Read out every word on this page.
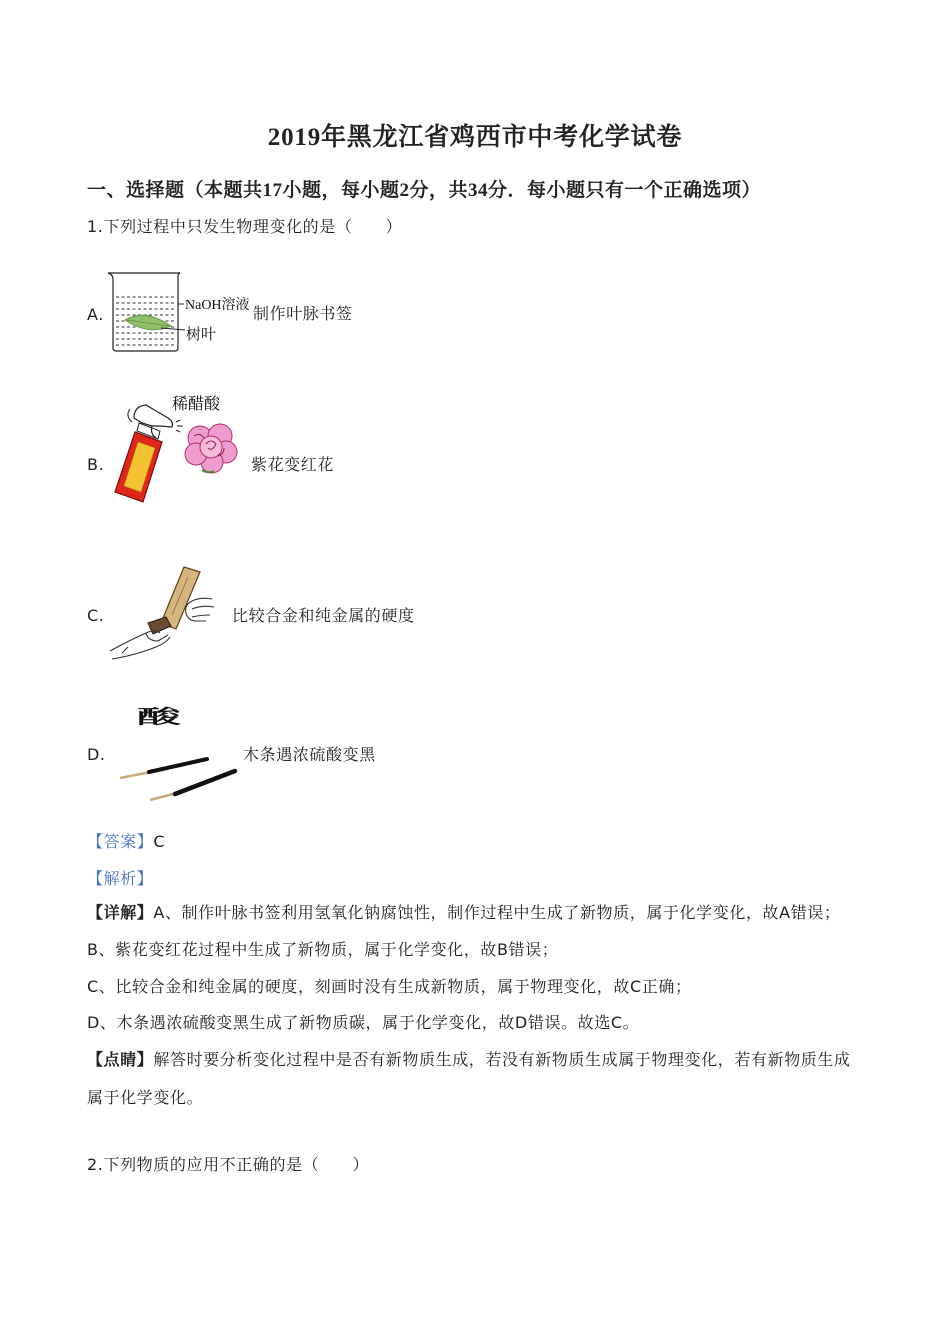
2019年黑龙江省鸡西市中考化学试卷
一、选择题（本题共17小题，每小题2分，共34分．每小题只有一个正确选项）
1.下列过程中只发生物理变化的是（　　）
A.	NaOH溶液
树叶
制作叶脉书签
B.
稀醋酸
紫花变红花
C.	比较合金和纯金属的硬度
酸
D.	木条遇浓硫酸变黑
【答案】C
【解析】
【详解】A、制作叶脉书签利用氢氧化钠腐蚀性，制作过程中生成了新物质，属于化学变化，故A错误；
B、紫花变红花过程中生成了新物质，属于化学变化，故B错误；
C、比较合金和纯金属的硬度，刻画时没有生成新物质，属于物理变化，故C正确；
D、木条遇浓硫酸变黑生成了新物质碳，属于化学变化，故D错误。故选C。
【点睛】解答时要分析变化过程中是否有新物质生成，若没有新物质生成属于物理变化，若有新物质生成
属于化学变化。
2.下列物质的应用不正确的是（　　）
